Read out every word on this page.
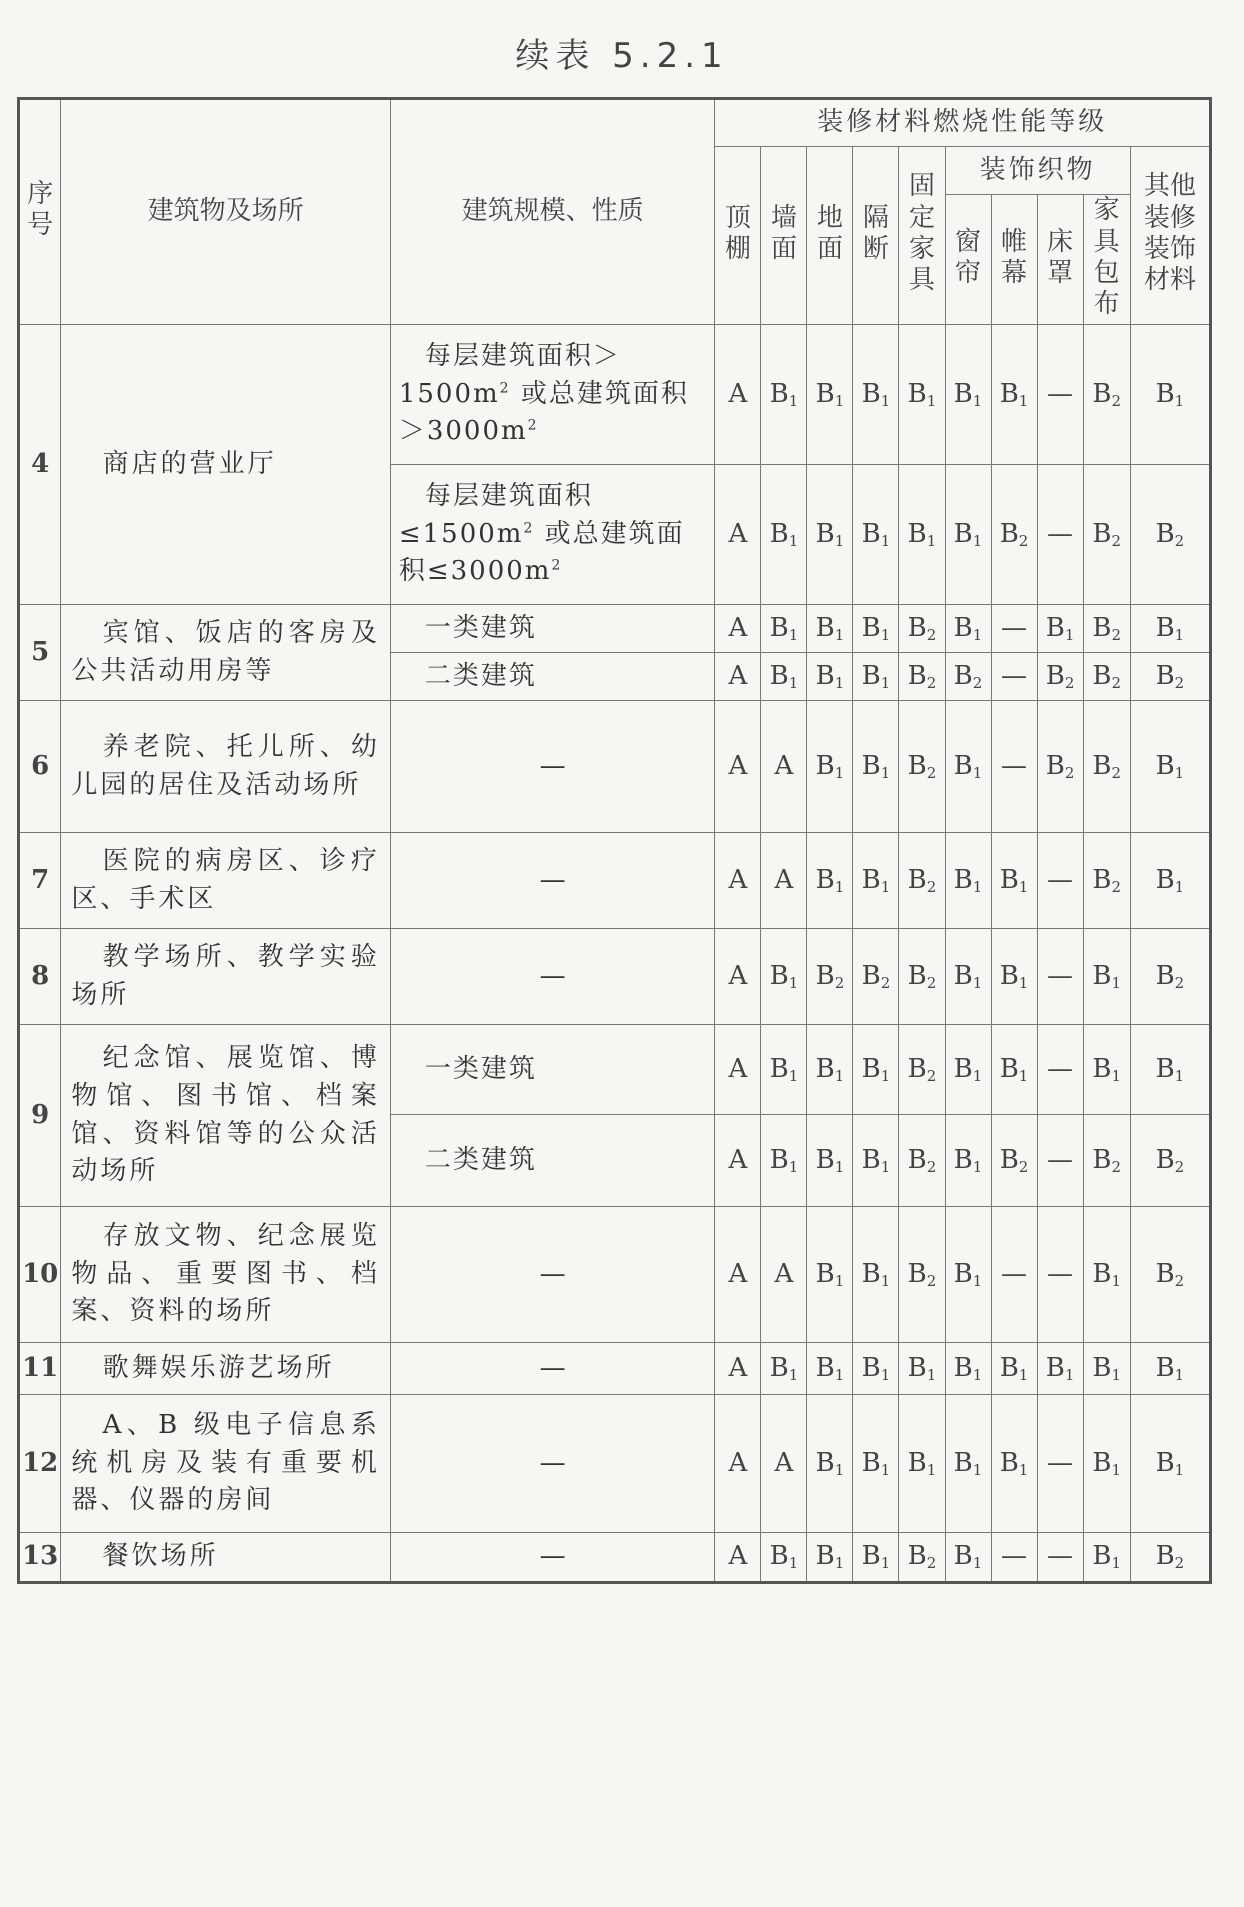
续表 5.2.1
序号	建筑物及场所	建筑规模、性质	装修材料燃烧性能等级									
			顶棚	墙面	地面	隔断	固定家具	装饰织物				其他装修装饰材料
								窗帘	帷幕	床罩	家具包布	
4	商店的营业厅	每层建筑面积$>1500m^2$ 或总建筑面积$>3000m^2$	A	$B_1$	$B_1$	$B_1$	$B_1$	$B_1$	$B_1$	—	$B_2$	$B_1$
		每层建筑面积$\le 1500m^2$ 或总建筑面积$\le 3000m^2$	A	$B_1$	$B_1$	$B_1$	$B_1$	$B_1$	$B_2$	—	$B_2$	$B_2$
5	宾馆、饭店的客房及公共活动用房等	一类建筑	A	$B_1$	$B_1$	$B_1$	$B_2$	$B_1$	—	$B_1$	$B_2$	$B_1$
		二类建筑	A	$B_1$	$B_1$	$B_1$	$B_2$	$B_2$	—	$B_2$	$B_2$	$B_2$
6	养老院、托儿所、幼儿园的居住及活动场所	—	A	A	$B_1$	$B_1$	$B_2$	$B_1$	—	$B_2$	$B_2$	$B_1$
7	医院的病房区、诊疗区、手术区	—	A	A	$B_1$	$B_1$	$B_2$	$B_1$	$B_1$	—	$B_2$	$B_1$
8	教学场所、教学实验场所	—	A	$B_1$	$B_2$	$B_2$	$B_2$	$B_1$	$B_1$	—	$B_1$	$B_2$
9	纪念馆、展览馆、博物馆、图书馆、档案馆、资料馆等的公众活动场所	一类建筑	A	$B_1$	$B_1$	$B_1$	$B_2$	$B_1$	$B_1$	—	$B_1$	$B_1$
		二类建筑	A	$B_1$	$B_1$	$B_1$	$B_2$	$B_1$	$B_2$	—	$B_2$	$B_2$
10	存放文物、纪念展览物品、重要图书、档案、资料的场所	—	A	A	$B_1$	$B_1$	$B_2$	$B_1$	—	—	$B_1$	$B_2$
11	歌舞娱乐游艺场所	—	A	$B_1$	$B_1$	$B_1$	$B_1$	$B_1$	$B_1$	$B_1$	$B_1$	$B_1$
12	A、B 级电子信息系统机房及装有重要机器、仪器的房间	—	A	A	$B_1$	$B_1$	$B_1$	$B_1$	$B_1$	—	$B_1$	$B_1$
13	餐饮场所	—	A	$B_1$	$B_1$	$B_1$	$B_2$	$B_1$	—	—	$B_1$	$B_2$
